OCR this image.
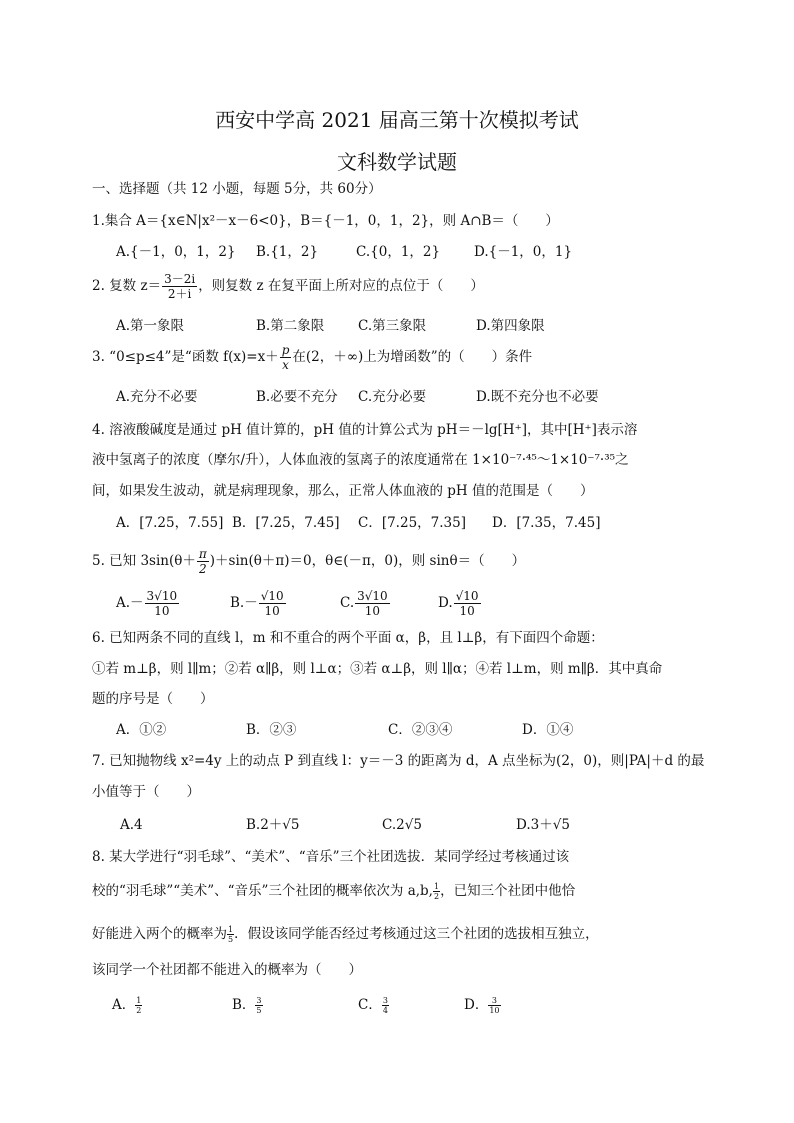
西安中学高 2021 届高三第十次模拟考试
文科数学试题
一、选择题（共 12 小题，每题 5分，共 60分）
1.集合 A＝{x∈N|x²－x－6<0}，B＝{－1，0，1，2}，则 A∩B＝（　　）
A.{－1，0，1，2} B.{1，2}	C.{0，1，2}	D.{－1，0，1}
2. 复数 $z= \frac{3-2i}{2+i}$ ，则复数 z 在复平面上所对应的点位于（　　）
A.第一象限	B.第二象限	C.第三象限	D.第四象限
3. “0≤p≤4”是“函数 $f(x)=x+ \frac{p}{x}$ 在(2，＋∞)上为增函数”的（　　）条件
A.充分不必要	B.必要不充分 C.充分必要	D.既不充分也不必要
4. 溶液酸碱度是通过 pH 值计算的，pH 值的计算公式为 pH＝－lg[H⁺]，其中[H⁺]表示溶
液中氢离子的浓度（摩尔/升），人体血液的氢离子的浓度通常在 1×10⁻⁷·⁴⁵～1×10⁻⁷·³⁵之
间，如果发生波动，就是病理现象，那么，正常人体血液的 pH 值的范围是（　　）
A．[7.25，7.55] B．[7.25，7.45] C．[7.25，7.35] D．[7.35，7.45]
5. 已知 $3\sin(\theta+ \frac{\pi}{2} )+\sin(\theta+\pi)=0$，θ∈(－π，0)，则 sinθ＝（　　）
$A.- \frac{3√10}{10}$	$B.- \frac{√10}{10}$	C. $\frac{3√10}{10}$	D. $\frac{√10}{10}$
6. 已知两条不同的直线 l，m 和不重合的两个平面 α，β，且 l⊥β，有下面四个命题：
①若 m⊥β，则 l∥m；②若 α∥β，则 l⊥α；③若 α⊥β，则 l∥α；④若 l⊥m，则 m∥β．其中真命
题的序号是（　　）
A．①②	B．②③	C．②③④	D．①④
7. 已知抛物线 x²=4y 上的动点 P 到直线 l：y＝－3 的距离为 d，A 点坐标为(2，0)，则|PA|＋d 的最
小值等于（　　）
A.4	B.2＋√5	C.2√5	D.3＋√5
8. 某大学进行“羽毛球”、“美术”、“音乐”三个社团选拔．某同学经过考核通过该
校的“羽毛球”“美术”、“音乐”三个社团的概率依次为 a,b, $\frac{1}{2}$ ，已知三个社团中他恰
好能进入两个的概率为 $\frac{1}{5}$ ．假设该同学能否经过考核通过这三个社团的选拔相互独立，
该同学一个社团都不能进入的概率为（　　）
A． $\frac{1}{2}$	B． $\frac{3}{5}$	C． $\frac{3}{4}$	D． $\frac{3}{10}$
